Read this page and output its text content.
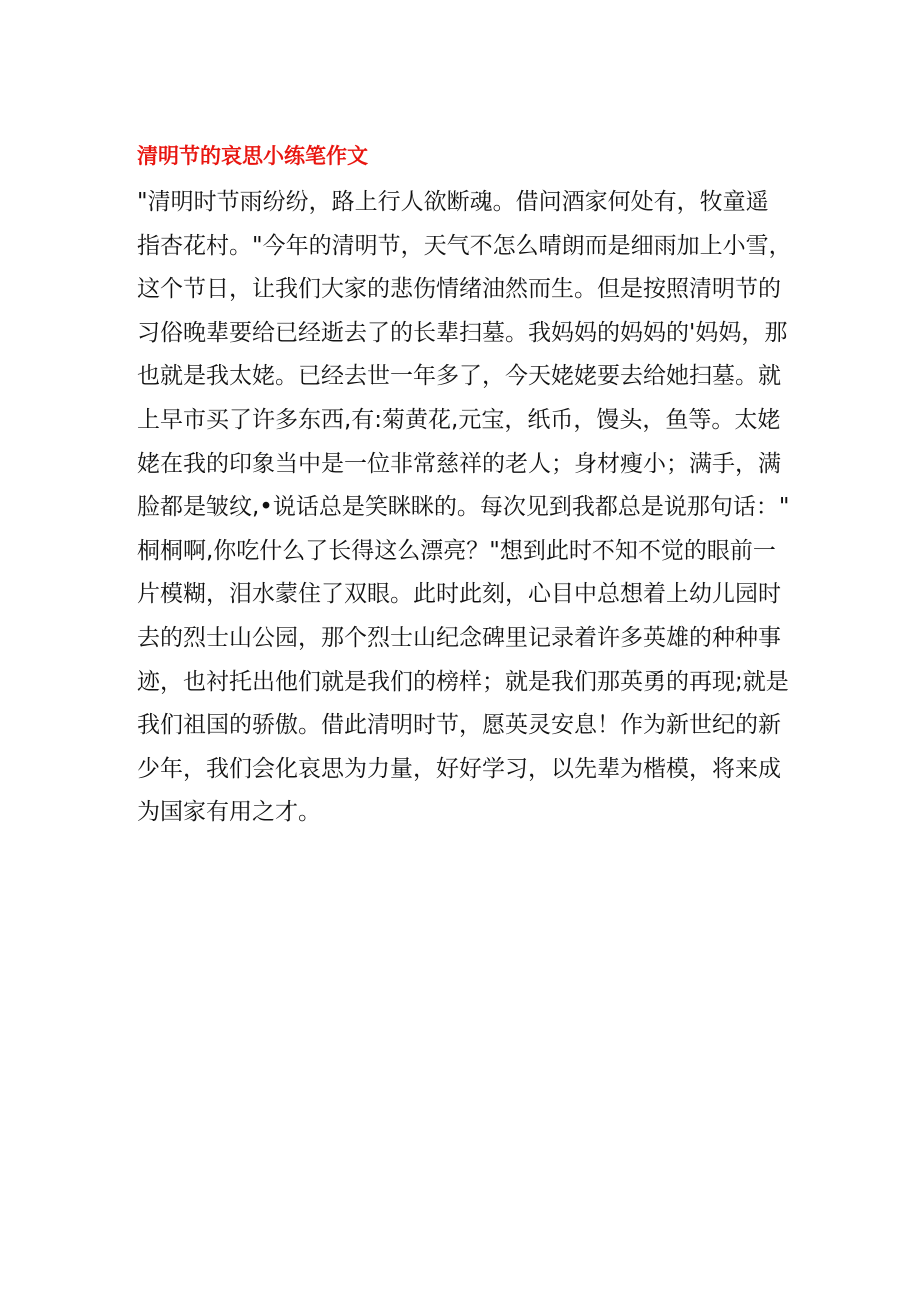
清明节的哀思小练笔作文

"清明时节雨纷纷，路上行人欲断魂。借问酒家何处有，牧童遥
指杏花村。"今年的清明节，天气不怎么晴朗而是细雨加上小雪，
这个节日，让我们大家的悲伤情绪油然而生。但是按照清明节的
习俗晚辈要给已经逝去了的长辈扫墓。我妈妈的妈妈的'妈妈，那
也就是我太姥。已经去世一年多了，今天姥姥要去给她扫墓。就
上早市买了许多东西,有:菊黄花,元宝，纸币，馒头，鱼等。太姥
姥在我的印象当中是一位非常慈祥的老人；身材瘦小；满手，满
脸都是皱纹,•说话总是笑眯眯的。每次见到我都总是说那句话："
桐桐啊,你吃什么了长得这么漂亮？"想到此时不知不觉的眼前一
片模糊，泪水蒙住了双眼。此时此刻，心目中总想着上幼儿园时
去的烈士山公园，那个烈士山纪念碑里记录着许多英雄的种种事
迹，也衬托出他们就是我们的榜样；就是我们那英勇的再现;就是
我们祖国的骄傲。借此清明时节，愿英灵安息！作为新世纪的新
少年，我们会化哀思为力量，好好学习，以先辈为楷模，将来成
为国家有用之才。
